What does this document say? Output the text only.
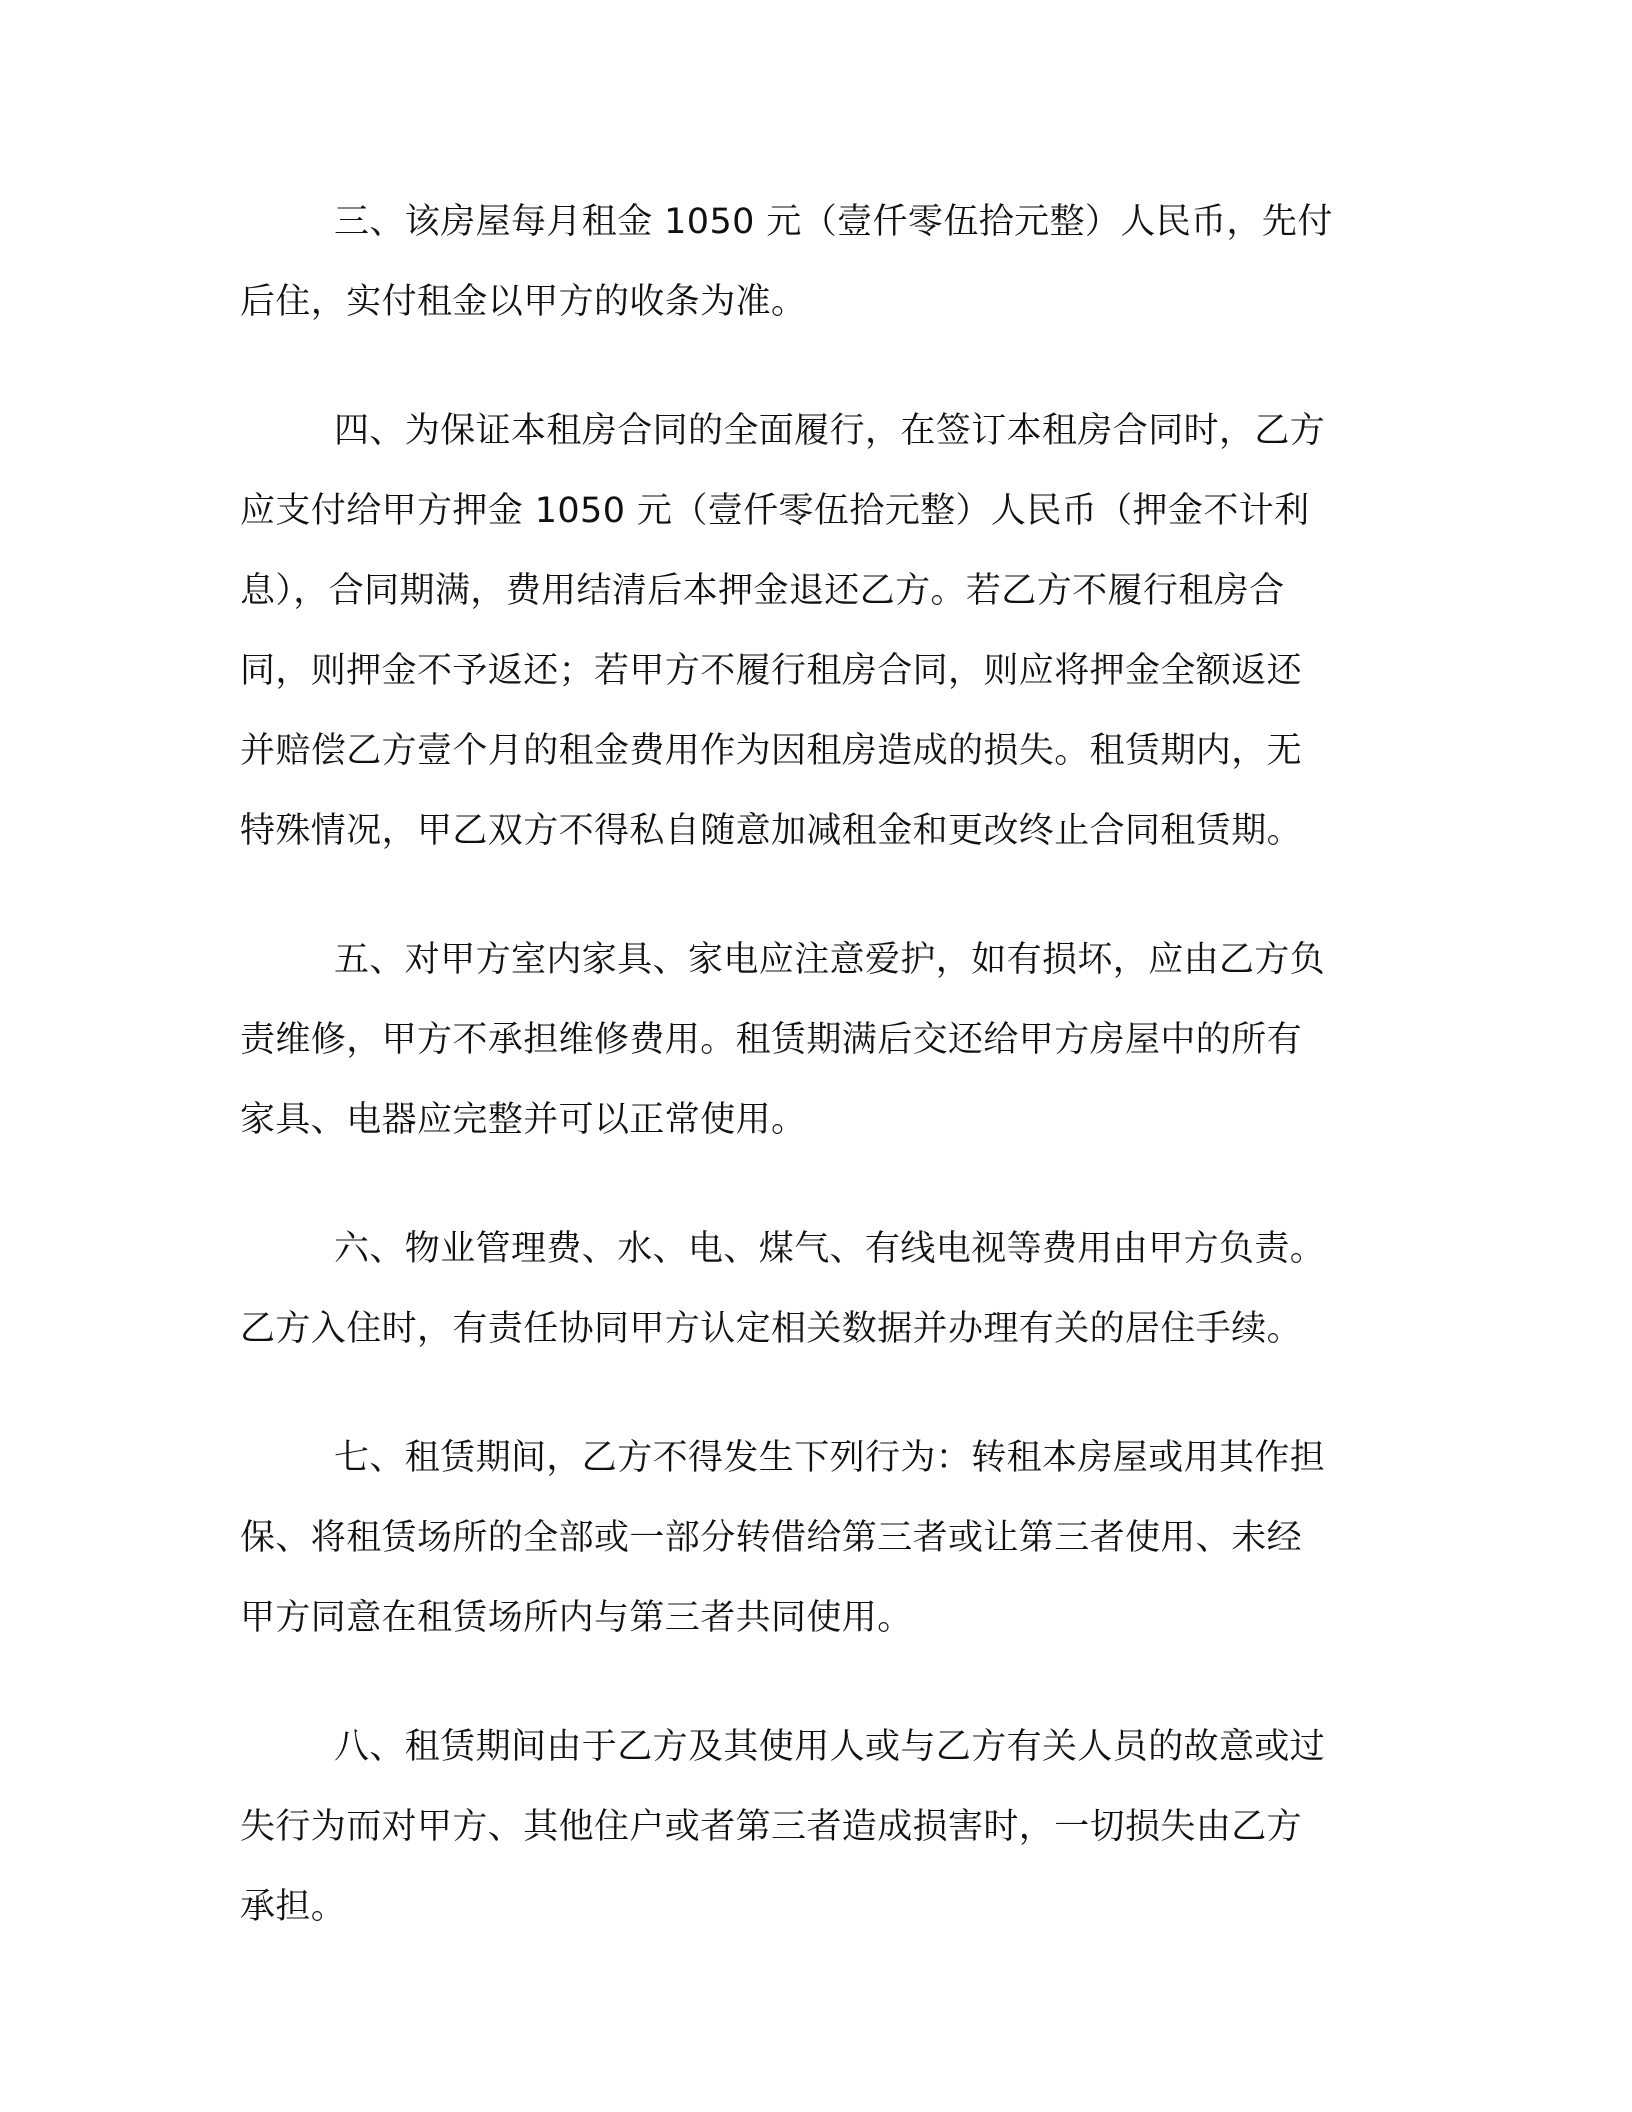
三、该房屋每月租金 1050 元（壹仟零伍拾元整）人民币，先付
后住，实付租金以甲方的收条为准。
四、为保证本租房合同的全面履行，在签订本租房合同时，乙方
应支付给甲方押金 1050 元（壹仟零伍拾元整）人民币（押金不计利
息），合同期满，费用结清后本押金退还乙方。若乙方不履行租房合
同，则押金不予返还；若甲方不履行租房合同，则应将押金全额返还
并赔偿乙方壹个月的租金费用作为因租房造成的损失。租赁期内，无
特殊情况，甲乙双方不得私自随意加减租金和更改终止合同租赁期。
五、对甲方室内家具、家电应注意爱护，如有损坏，应由乙方负
责维修，甲方不承担维修费用。租赁期满后交还给甲方房屋中的所有
家具、电器应完整并可以正常使用。
六、物业管理费、水、电、煤气、有线电视等费用由甲方负责。
乙方入住时，有责任协同甲方认定相关数据并办理有关的居住手续。
七、租赁期间，乙方不得发生下列行为：转租本房屋或用其作担
保、将租赁场所的全部或一部分转借给第三者或让第三者使用、未经
甲方同意在租赁场所内与第三者共同使用。
八、租赁期间由于乙方及其使用人或与乙方有关人员的故意或过
失行为而对甲方、其他住户或者第三者造成损害时，一切损失由乙方
承担。
